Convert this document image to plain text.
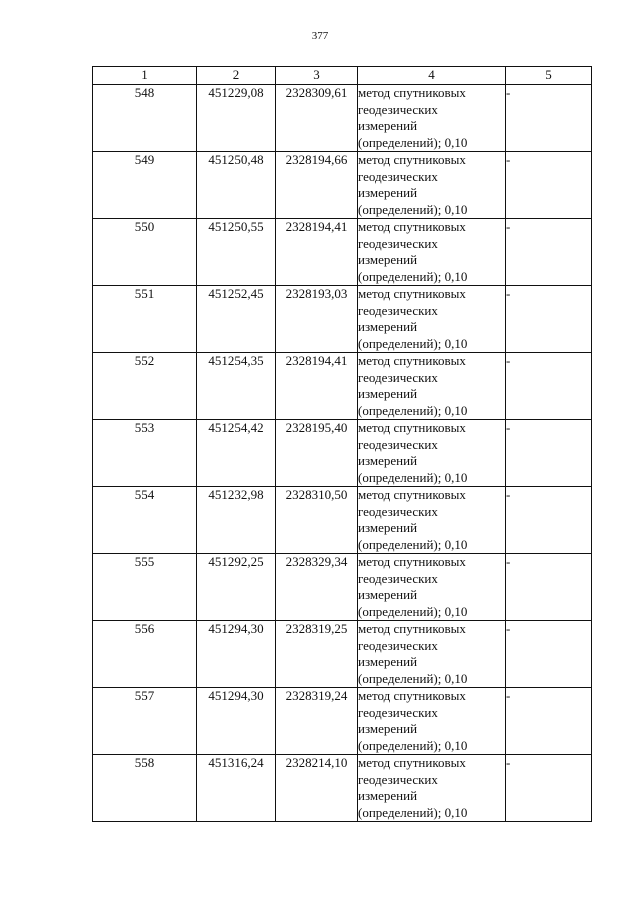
377
1	2	3	4	5
548	451229,08	2328309,61	метод спутниковых
геодезических
измерений
(определений); 0,10	-
549	451250,48	2328194,66	метод спутниковых
геодезических
измерений
(определений); 0,10	-
550	451250,55	2328194,41	метод спутниковых
геодезических
измерений
(определений); 0,10	-
551	451252,45	2328193,03	метод спутниковых
геодезических
измерений
(определений); 0,10	-
552	451254,35	2328194,41	метод спутниковых
геодезических
измерений
(определений); 0,10	-
553	451254,42	2328195,40	метод спутниковых
геодезических
измерений
(определений); 0,10	-
554	451232,98	2328310,50	метод спутниковых
геодезических
измерений
(определений); 0,10	-
555	451292,25	2328329,34	метод спутниковых
геодезических
измерений
(определений); 0,10	-
556	451294,30	2328319,25	метод спутниковых
геодезических
измерений
(определений); 0,10	-
557	451294,30	2328319,24	метод спутниковых
геодезических
измерений
(определений); 0,10	-
558	451316,24	2328214,10	метод спутниковых
геодезических
измерений
(определений); 0,10	-
